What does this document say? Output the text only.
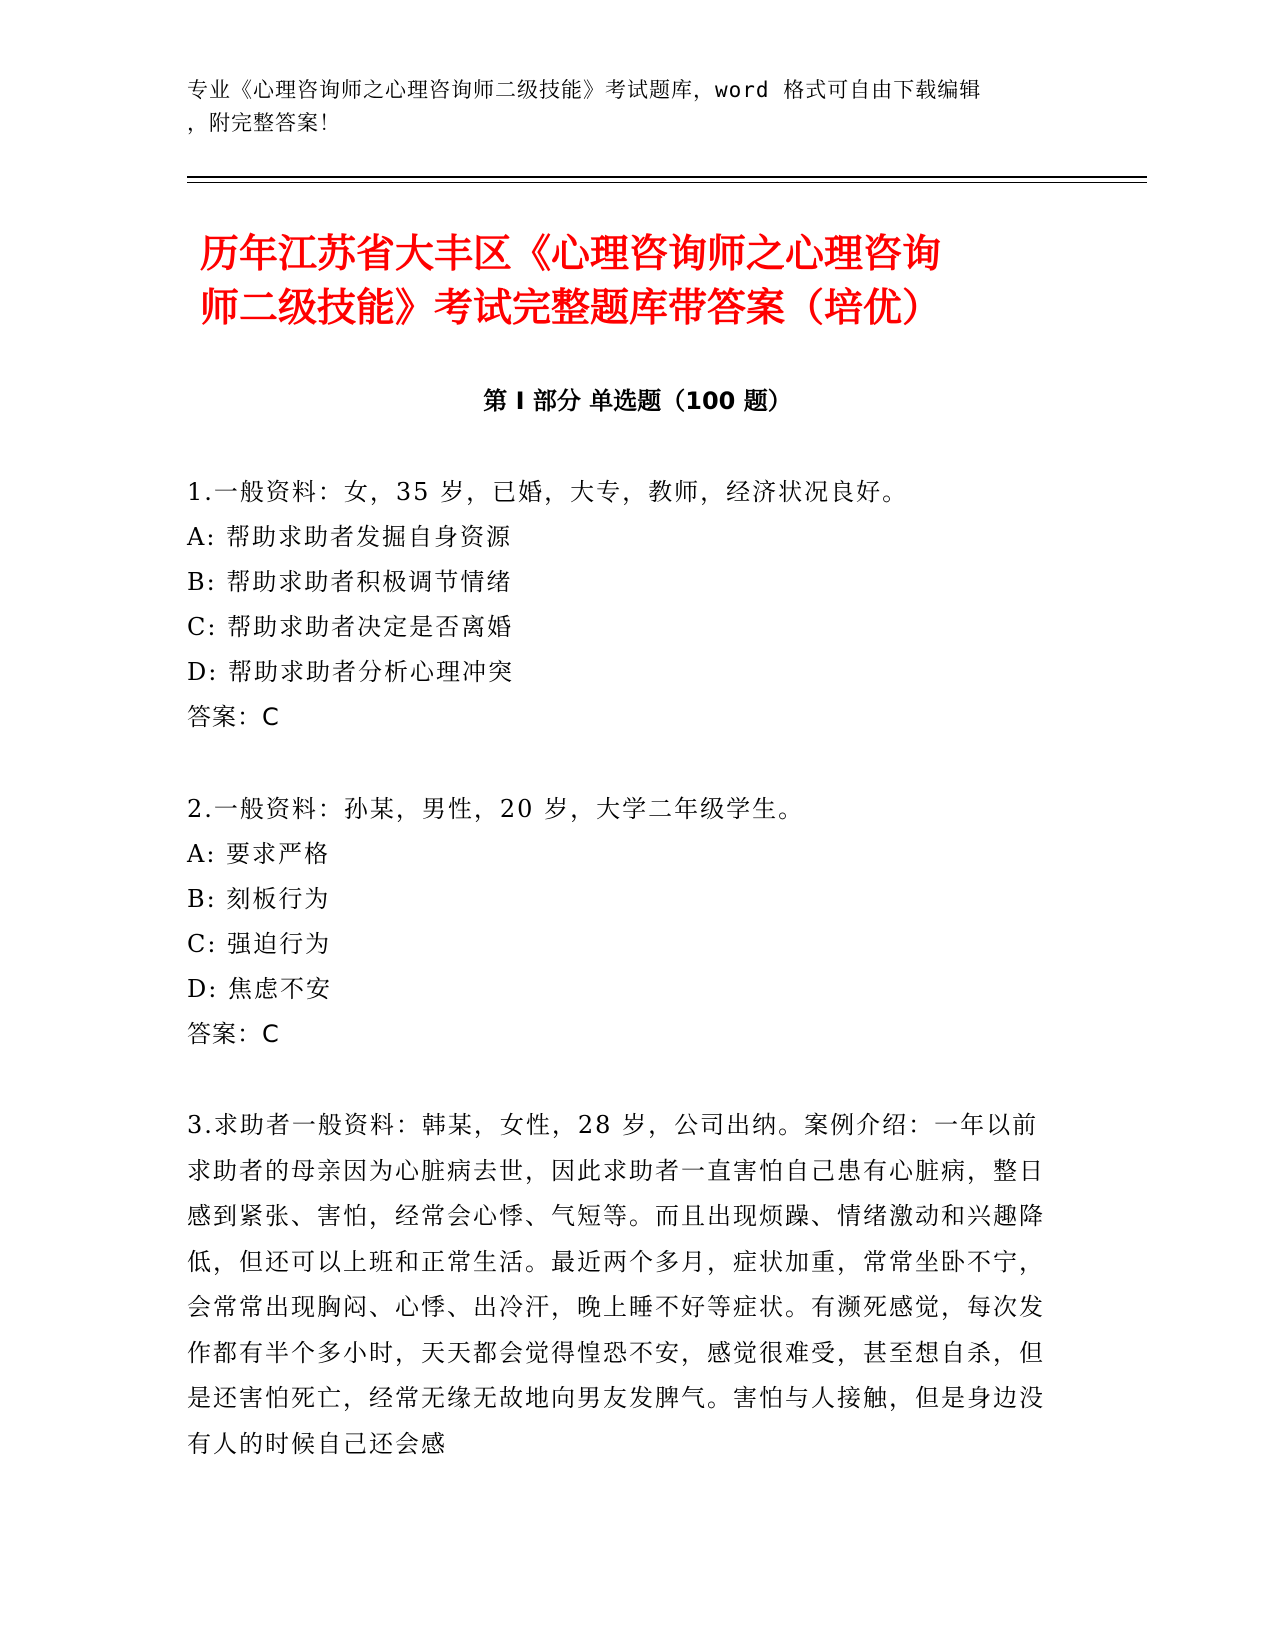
专业《心理咨询师之心理咨询师二级技能》考试题库，word 格式可自由下载编辑
，附完整答案！
历年江苏省大丰区《心理咨询师之心理咨询
师二级技能》考试完整题库带答案（培优）
第 I 部分 单选题（100 题）
1.一般资料：女，35 岁，已婚，大专，教师，经济状况良好。
A: 帮助求助者发掘自身资源
B: 帮助求助者积极调节情绪
C: 帮助求助者决定是否离婚
D: 帮助求助者分析心理冲突
答案：C
2.一般资料：孙某，男性，20 岁，大学二年级学生。
A: 要求严格
B: 刻板行为
C: 强迫行为
D: 焦虑不安
答案：C
3.求助者一般资料：韩某，女性，28 岁，公司出纳。案例介绍：一年以前求助者的母亲因为心脏病去世，因此求助者一直害怕自己患有心脏病，整日感到紧张、害怕，经常会心悸、气短等。而且出现烦躁、情绪激动和兴趣降低，但还可以上班和正常生活。最近两个多月，症状加重，常常坐卧不宁，会常常出现胸闷、心悸、出冷汗，晚上睡不好等症状。有濒死感觉，每次发作都有半个多小时，天天都会觉得惶恐不安，感觉很难受，甚至想自杀，但是还害怕死亡，经常无缘无故地向男友发脾气。害怕与人接触，但是身边没有人的时候自己还会感
